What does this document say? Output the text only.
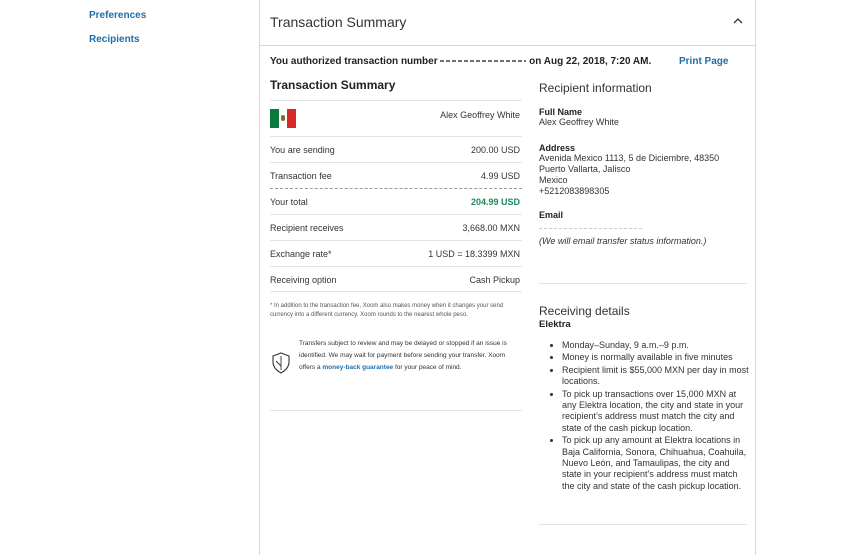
Preferences
Recipients
Transaction Summary
You authorized transaction number	on Aug 22, 2018, 7:20 AM.	Print Page
Transaction Summary
Alex Geoffrey White
You are sending	200.00 USD
Transaction fee	4.99 USD
Your total	204.99 USD
Recipient receives	3,668.00 MXN
Exchange rate*	1 USD = 18.3399 MXN
Receiving option	Cash Pickup

* In addition to the transaction fee, Xoom also makes money when it changes your send currency into a different currency. Xoom rounds to the nearest whole peso.

Transfers subject to review and may be delayed or stopped if an issue is identified. We may wait for payment before sending your transfer. Xoom offers a money-back guarantee for your peace of mind.
Recipient information
Full Name
Alex Geoffrey White
Address
Avenida Mexico 1113, 5 de Diciembre, 48350
Puerto Vallarta, Jalisco
Mexico
+5212083898305
Email
(We will email transfer status information.)
Receiving details
Elektra
• Monday–Sunday, 9 a.m.–9 p.m.
• Money is normally available in five minutes
• Recipient limit is $55,000 MXN per day in most locations.
• To pick up transactions over 15,000 MXN at any Elektra location, the city and state in your recipient’s address must match the city and state of the cash pickup location.
• To pick up any amount at Elektra locations in Baja California, Sonora, Chihuahua, Coahuila, Nuevo León, and Tamaulipas, the city and state in your recipient’s address must match the city and state of the cash pickup location.
